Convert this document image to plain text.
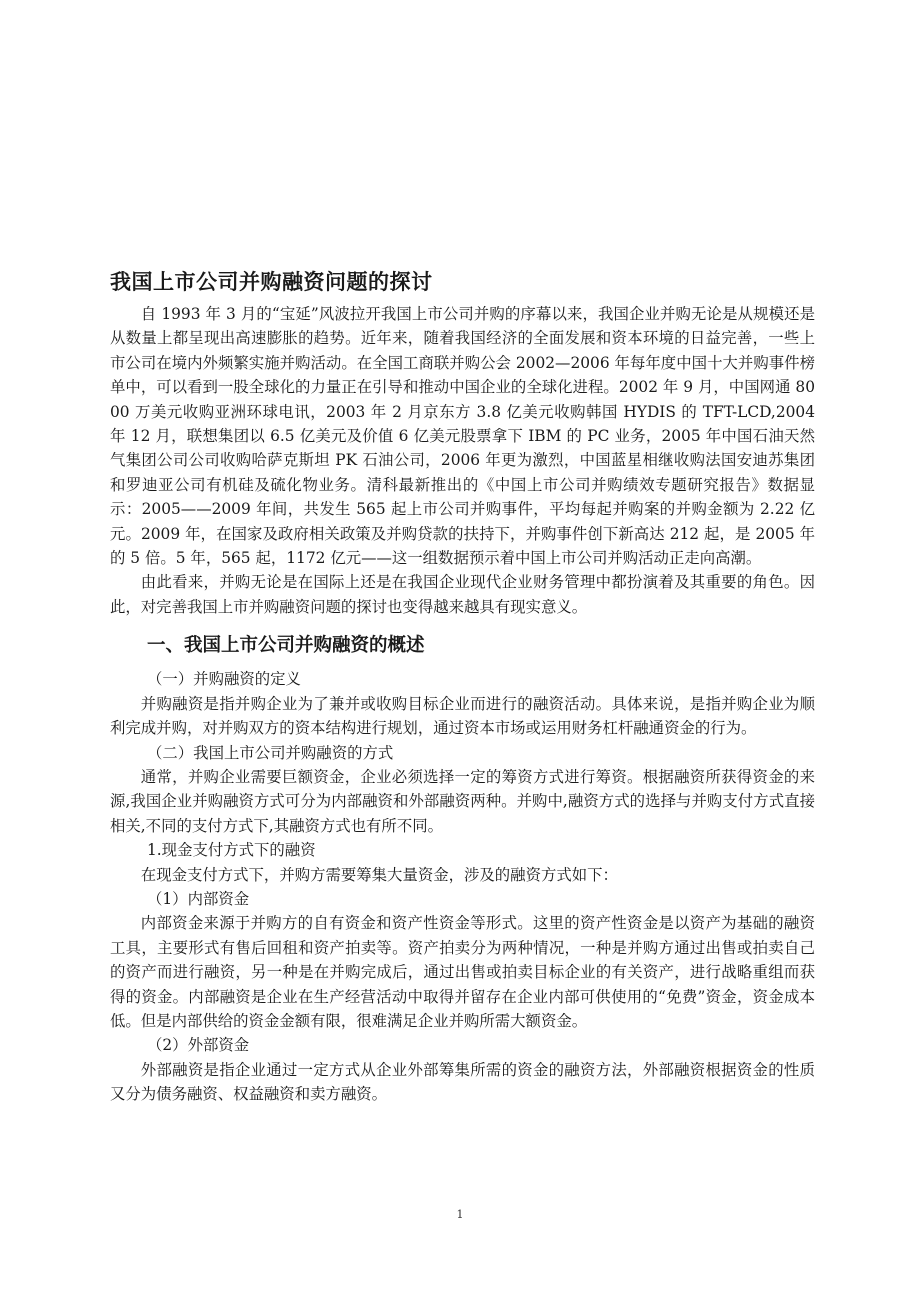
我国上市公司并购融资问题的探讨

自 1993 年 3 月的“宝延”风波拉开我国上市公司并购的序幕以来，我国企业并购无论是从规模还是从数量上都呈现出高速膨胀的趋势。近年来，随着我国经济的全面发展和资本环境的日益完善，一些上市公司在境内外频繁实施并购活动。在全国工商联并购公会 2002—2006 年每年度中国十大并购事件榜单中，可以看到一股全球化的力量正在引导和推动中国企业的全球化进程。2002 年 9 月，中国网通 8000 万美元收购亚洲环球电讯，2003 年 2 月京东方 3.8 亿美元收购韩国 HYDIS 的 TFT-LCD,2004 年 12 月，联想集团以 6.5 亿美元及价值 6 亿美元股票拿下 IBM 的 PC 业务，2005 年中国石油天然气集团公司公司收购哈萨克斯坦 PK 石油公司，2006 年更为激烈，中国蓝星相继收购法国安迪苏集团和罗迪亚公司有机硅及硫化物业务。清科最新推出的《中国上市公司并购绩效专题研究报告》数据显示：2005——2009 年间，共发生 565 起上市公司并购事件，平均每起并购案的并购金额为 2.22 亿元。2009 年，在国家及政府相关政策及并购贷款的扶持下，并购事件创下新高达 212 起，是 2005 年的 5 倍。5 年，565 起，1172 亿元——这一组数据预示着中国上市公司并购活动正走向高潮。

由此看来，并购无论是在国际上还是在我国企业现代企业财务管理中都扮演着及其重要的角色。因此，对完善我国上市并购融资问题的探讨也变得越来越具有现实意义。

一、我国上市公司并购融资的概述
（一）并购融资的定义

并购融资是指并购企业为了兼并或收购目标企业而进行的融资活动。具体来说，是指并购企业为顺利完成并购，对并购双方的资本结构进行规划，通过资本市场或运用财务杠杆融通资金的行为。

（二）我国上市公司并购融资的方式

通常，并购企业需要巨额资金，企业必须选择一定的筹资方式进行筹资。根据融资所获得资金的来源,我国企业并购融资方式可分为内部融资和外部融资两种。并购中,融资方式的选择与并购支付方式直接相关,不同的支付方式下,其融资方式也有所不同。

1.现金支付方式下的融资

在现金支付方式下，并购方需要筹集大量资金，涉及的融资方式如下：

（1）内部资金

内部资金来源于并购方的自有资金和资产性资金等形式。这里的资产性资金是以资产为基础的融资工具，主要形式有售后回租和资产拍卖等。资产拍卖分为两种情况，一种是并购方通过出售或拍卖自己的资产而进行融资，另一种是在并购完成后，通过出售或拍卖目标企业的有关资产，进行战略重组而获得的资金。内部融资是企业在生产经营活动中取得并留存在企业内部可供使用的“免费”资金，资金成本低。但是内部供给的资金金额有限，很难满足企业并购所需大额资金。

（2）外部资金

外部融资是指企业通过一定方式从企业外部筹集所需的资金的融资方法，外部融资根据资金的性质又分为债务融资、权益融资和卖方融资。

1
